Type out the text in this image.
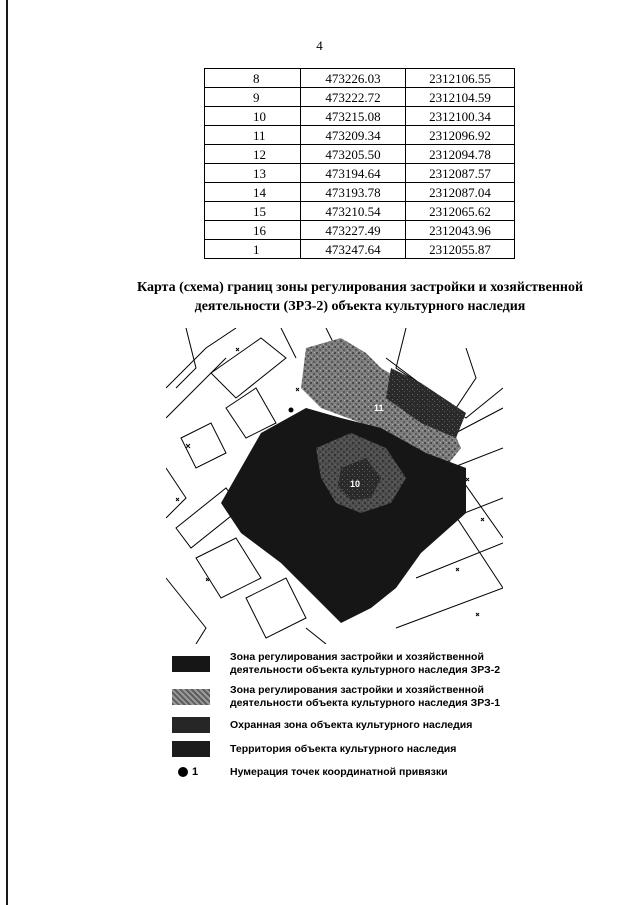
4
8	473226.03	2312106.55
9	473222.72	2312104.59
10	473215.08	2312100.34
11	473209.34	2312096.92
12	473205.50	2312094.78
13	473194.64	2312087.57
14	473193.78	2312087.04
15	473210.54	2312065.62
16	473227.49	2312043.96
1	473247.64	2312055.87
Карта (схема) границ зоны регулирования застройки и хозяйственной
деятельности (ЗРЗ-2) объекта культурного наследия
12
11
10
Зона регулирования застройки и хозяйственной деятельности объекта культурного наследия ЗРЗ-2
Зона регулирования застройки и хозяйственной деятельности объекта культурного наследия ЗРЗ-1
Охранная зона объекта культурного наследия
Территория объекта культурного наследия
1	Нумерация точек координатной привязки
